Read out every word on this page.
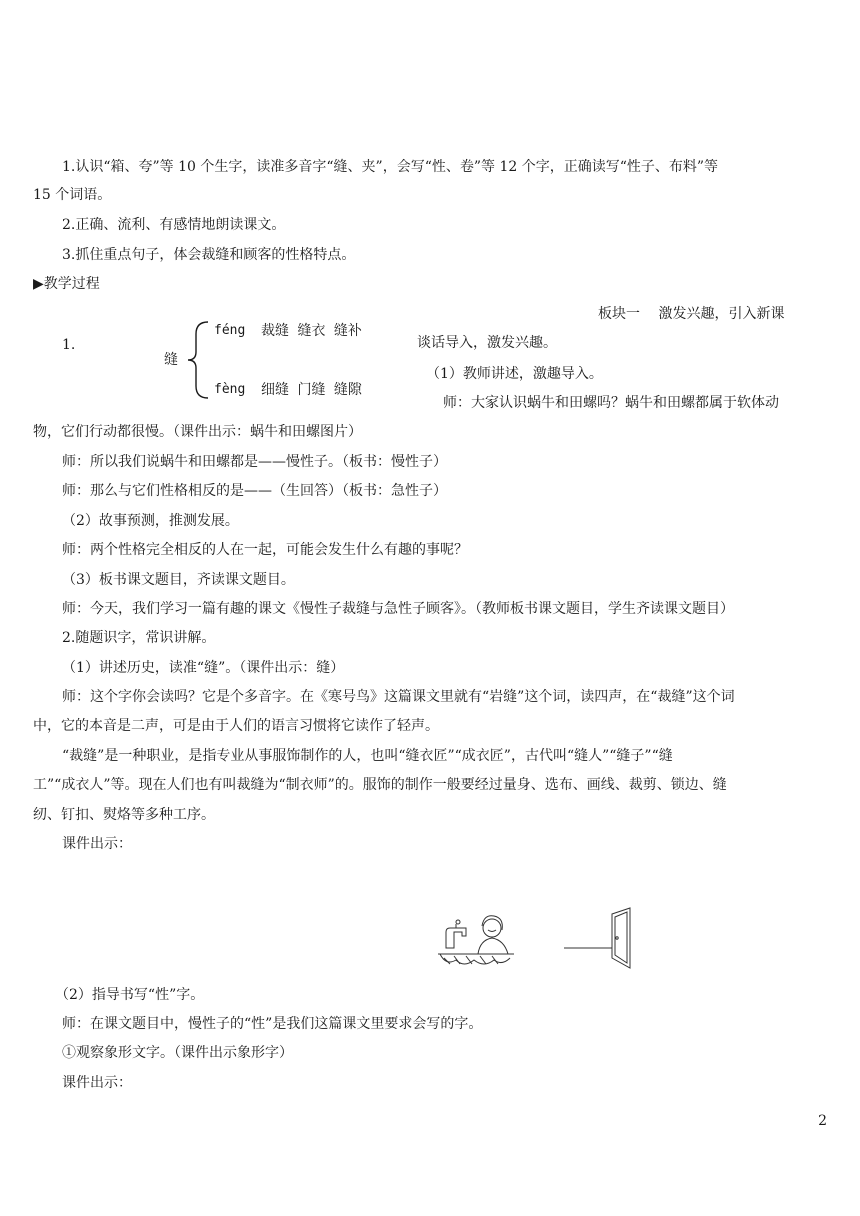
1.认识“箱、夸”等 10 个生字，读准多音字“缝、夹”，会写“性、卷”等 12 个字，正确读写“性子、布料”等
15 个词语。
2.正确、流利、有感情地朗读课文。
3.抓住重点句子，体会裁缝和顾客的性格特点。
▶教学过程
板块一　 激发兴趣，引入新课
谈话导入，激发兴趣。
（1）教师讲述，激趣导入。
师：大家认识蜗牛和田螺吗？蜗牛和田螺都属于软体动
1.
缝
féng 裁缝 缝衣 缝补
fèng 细缝 门缝 缝隙
物，它们行动都很慢。（课件出示：蜗牛和田螺图片）
师：所以我们说蜗牛和田螺都是——慢性子。（板书：慢性子）
师：那么与它们性格相反的是——（生回答）（板书：急性子）
（2）故事预测，推测发展。
师：两个性格完全相反的人在一起，可能会发生什么有趣的事呢？
（3）板书课文题目，齐读课文题目。
师：今天，我们学习一篇有趣的课文《慢性子裁缝与急性子顾客》。（教师板书课文题目，学生齐读课文题目）
2.随题识字，常识讲解。
（1）讲述历史，读准“缝”。（课件出示：缝）
师：这个字你会读吗？它是个多音字。在《寒号鸟》这篇课文里就有“岩缝”这个词，读四声，在“裁缝”这个词
中，它的本音是二声，可是由于人们的语言习惯将它读作了轻声。
“裁缝”是一种职业，是指专业从事服饰制作的人，也叫“缝衣匠”“成衣匠”，古代叫“缝人”“缝子”“缝
工”“成衣人”等。现在人们也有叫裁缝为“制衣师”的。服饰的制作一般要经过量身、选布、画线、裁剪、锁边、缝
纫、钉扣、熨烙等多种工序。
课件出示：
（2）指导书写“性”字。
师：在课文题目中，慢性子的“性”是我们这篇课文里要求会写的字。
①观察象形文字。（课件出示象形字）
课件出示：
2
